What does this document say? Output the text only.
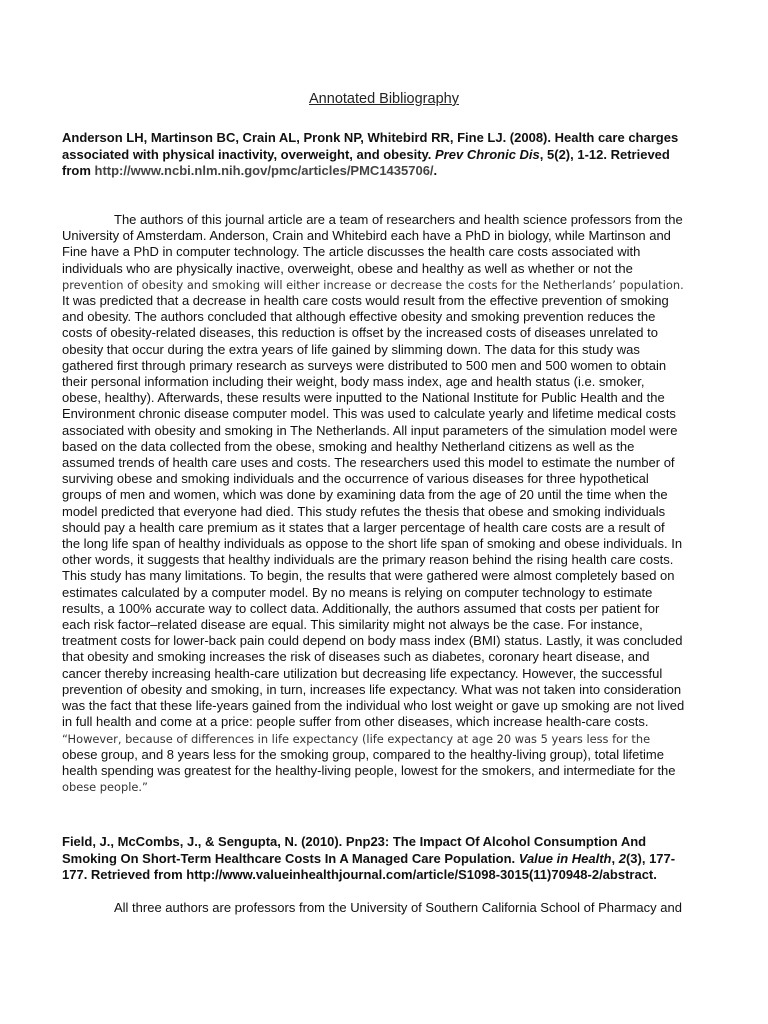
Annotated Bibliography
Anderson LH, Martinson BC, Crain AL, Pronk NP, Whitebird RR, Fine LJ. (2008). Health care charges
associated with physical inactivity, overweight, and obesity. Prev Chronic Dis, 5(2), 1-12. Retrieved
from http://www.ncbi.nlm.nih.gov/pmc/articles/PMC1435706/.
The authors of this journal article are a team of researchers and health science professors from the
University of Amsterdam. Anderson, Crain and Whitebird each have a PhD in biology, while Martinson and
Fine have a PhD in computer technology. The article discusses the health care costs associated with
individuals who are physically inactive, overweight, obese and healthy as well as whether or not the
prevention of obesity and smoking will either increase or decrease the costs for the Netherlands’ population.
It was predicted that a decrease in health care costs would result from the effective prevention of smoking
and obesity. The authors concluded that although effective obesity and smoking prevention reduces the
costs of obesity-related diseases, this reduction is offset by the increased costs of diseases unrelated to
obesity that occur during the extra years of life gained by slimming down. The data for this study was
gathered first through primary research as surveys were distributed to 500 men and 500 women to obtain
their personal information including their weight, body mass index, age and health status (i.e. smoker,
obese, healthy). Afterwards, these results were inputted to the National Institute for Public Health and the
Environment chronic disease computer model. This was used to calculate yearly and lifetime medical costs
associated with obesity and smoking in The Netherlands. All input parameters of the simulation model were
based on the data collected from the obese, smoking and healthy Netherland citizens as well as the
assumed trends of health care uses and costs. The researchers used this model to estimate the number of
surviving obese and smoking individuals and the occurrence of various diseases for three hypothetical
groups of men and women, which was done by examining data from the age of 20 until the time when the
model predicted that everyone had died. This study refutes the thesis that obese and smoking individuals
should pay a health care premium as it states that a larger percentage of health care costs are a result of
the long life span of healthy individuals as oppose to the short life span of smoking and obese individuals. In
other words, it suggests that healthy individuals are the primary reason behind the rising health care costs.
This study has many limitations. To begin, the results that were gathered were almost completely based on
estimates calculated by a computer model. By no means is relying on computer technology to estimate
results, a 100% accurate way to collect data. Additionally, the authors assumed that costs per patient for
each risk factor–related disease are equal. This similarity might not always be the case. For instance,
treatment costs for lower-back pain could depend on body mass index (BMI) status. Lastly, it was concluded
that obesity and smoking increases the risk of diseases such as diabetes, coronary heart disease, and
cancer thereby increasing health-care utilization but decreasing life expectancy. However, the successful
prevention of obesity and smoking, in turn, increases life expectancy. What was not taken into consideration
was the fact that these life-years gained from the individual who lost weight or gave up smoking are not lived
in full health and come at a price: people suffer from other diseases, which increase health-care costs.
“However, because of differences in life expectancy (life expectancy at age 20 was 5 years less for the
obese group, and 8 years less for the smoking group, compared to the healthy-living group), total lifetime
health spending was greatest for the healthy-living people, lowest for the smokers, and intermediate for the
obese people.”
Field, J., McCombs, J., & Sengupta, N. (2010). Pnp23: The Impact Of Alcohol Consumption And
Smoking On Short-Term Healthcare Costs In A Managed Care Population. Value in Health, 2(3), 177-
177. Retrieved from http://www.valueinhealthjournal.com/article/S1098-3015(11)70948-2/abstract.
All three authors are professors from the University of Southern California School of Pharmacy and
